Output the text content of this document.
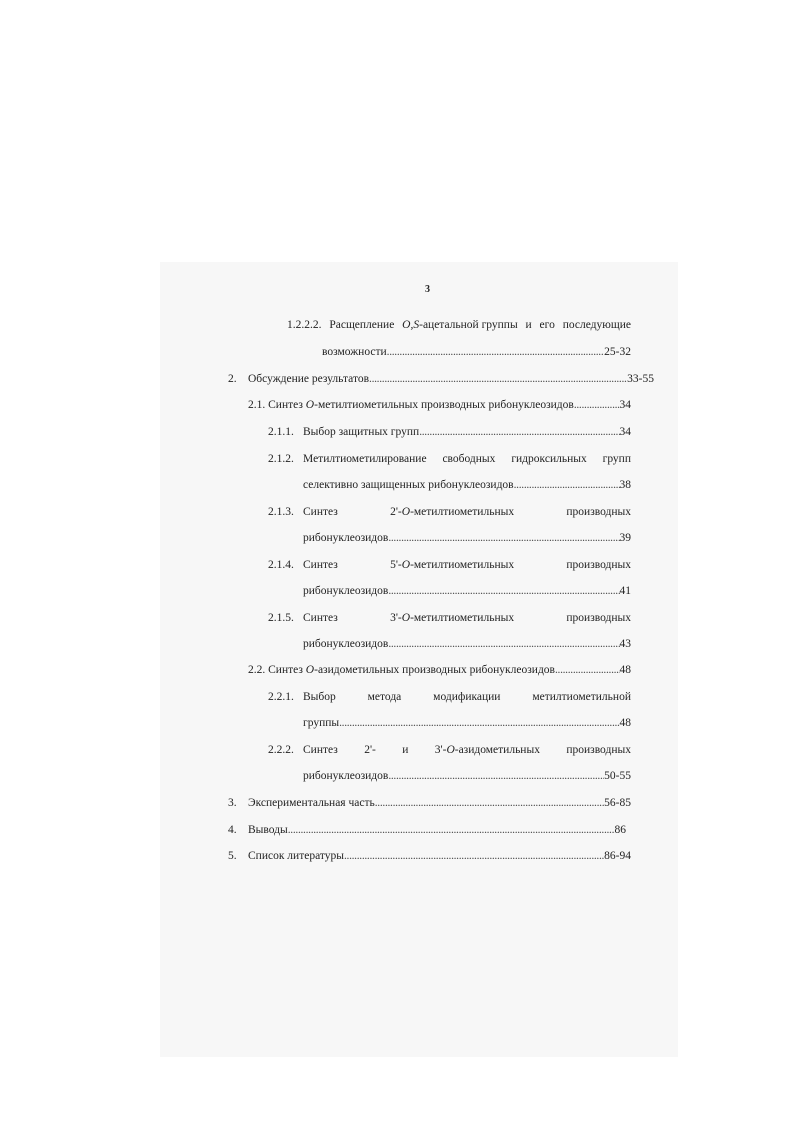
3
1.2.2.2. Расщепление O,S-ацетальной группы и его последующие
возможности . . .	25-32
2. Обсуждение результатов . . .	33-55
2.1.
Синтез O-метилтиометильных производных рибонуклеозидов . . .	34
2.1.1. Выбор защитных групп . . .	34
2.1.2. Метилтиометилирование свободных гидроксильных групп
селективно защищенных рибонуклеозидов . . .	38
2.1.3. Синтез	2'-O-метилтиометильных	производных
рибонуклеозидов . . .	39
2.1.4. Синтез	5'-O-метилтиометильных	производных
рибонуклеозидов . . .	41
2.1.5. Синтез	3'-O-метилтиометильных	производных
рибонуклеозидов . . .	43
2.2.
Синтез O-азидометильных производных рибонуклеозидов . . .	48
2.2.1. Выбор	метода	модификации	метилтиометильной
группы . . .	48
2.2.2. Синтез 2'- и 3'-O-азидометильных производных
рибонуклеозидов . . .	50-55
3. Экспериментальная часть . . .	56-85
4. Выводы . . .	86
5. Список литературы . . .	86-94
